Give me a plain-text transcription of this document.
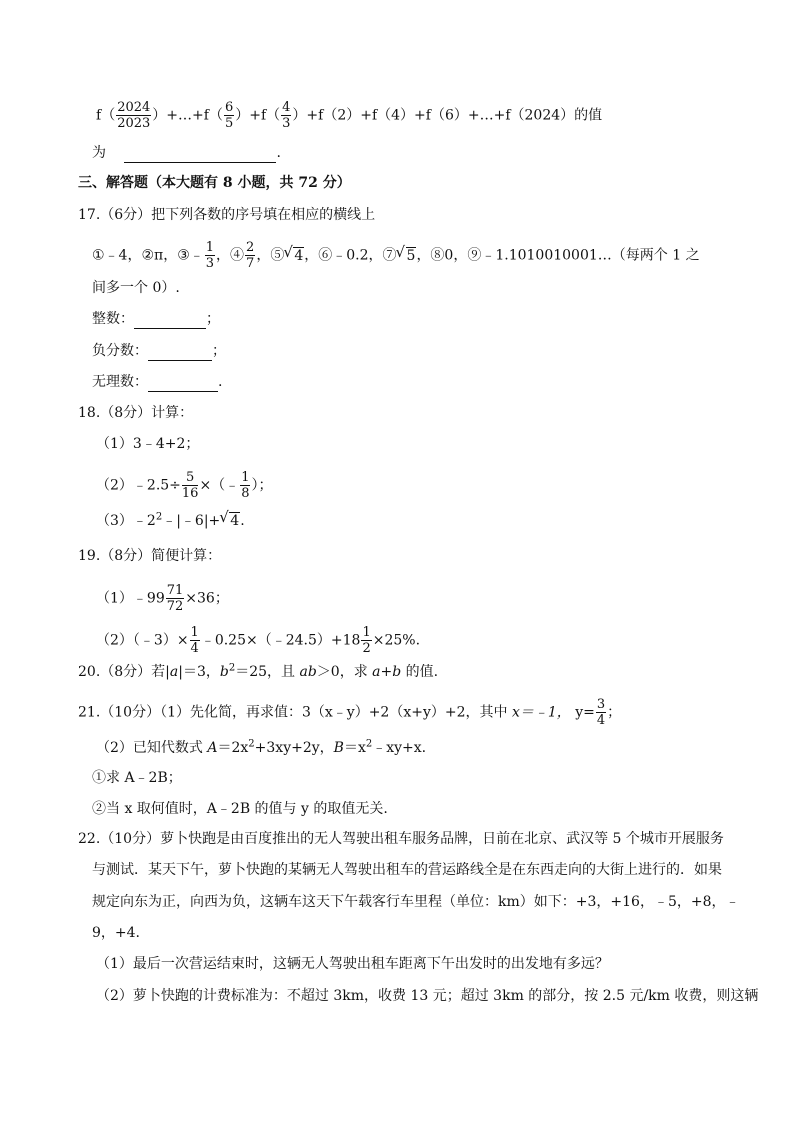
$f( \frac{2024}{2023}$ ）+…+f（ $\frac{6}{5} )+f( \frac{4}{3}$ ）+f（2）+f（4）+f（6）+…+f（2024）的值
为	.
三、解答题（本大题有 8 小题，共 72 分）
17.（6分）把下列各数的序号填在相应的横线上
①﹣4，②π，③﹣ $\frac{1}{3}$ ，④ $\frac{2}{7}$ ，⑤√ 4，⑥﹣0.2，⑦√ 5，⑧0，⑨﹣1.1010010001…（每两个 1 之
间多一个 0）.
整数：	；
负分数：	；
无理数：	.
18.（8分）计算：
（1）3﹣4+2；
（2）﹣2.5÷ $\frac{5}{16}$ ×（﹣ $\frac{1}{8}$ ）；
$(3)﹣2^2﹣|﹣6|+√$ 4.
19.（8分）简便计算：
（1）﹣99 $\frac{71}{72} \times 36$；
（2）（﹣3）× $\frac{1}{4}$ ﹣0.25×（﹣24.5）+18 $\frac{1}{2} \times 25\%$.
20.（8分）若|a|＝3，$b^2=25$，且 ab＞0，求 a+b 的值.
21.（10分）（1）先化简，再求值：3（x﹣y）+2（x+y）+2，其中 x＝﹣1， $y= \frac{3}{4}$ ；
（2）已知代数式 $A=2x^2+3xy+2y$，$B=x^2﹣xy+x$.
①求 A﹣2B；
②当 x 取何值时，A﹣2B 的值与 y 的取值无关.
22.（10分）萝卜快跑是由百度推出的无人驾驶出租车服务品牌，日前在北京、武汉等 5 个城市开展服务
与测试．某天下午，萝卜快跑的某辆无人驾驶出租车的营运路线全是在东西走向的大街上进行的．如果
规定向东为正，向西为负，这辆车这天下午载客行车里程（单位：km）如下：+3，+16，﹣5，+8，﹣
9，+4.
（1）最后一次营运结束时，这辆无人驾驶出租车距离下午出发时的出发地有多远？
（2）萝卜快跑的计费标准为：不超过 3km，收费 13 元；超过 3km 的部分，按 2.5 元/km 收费，则这辆
